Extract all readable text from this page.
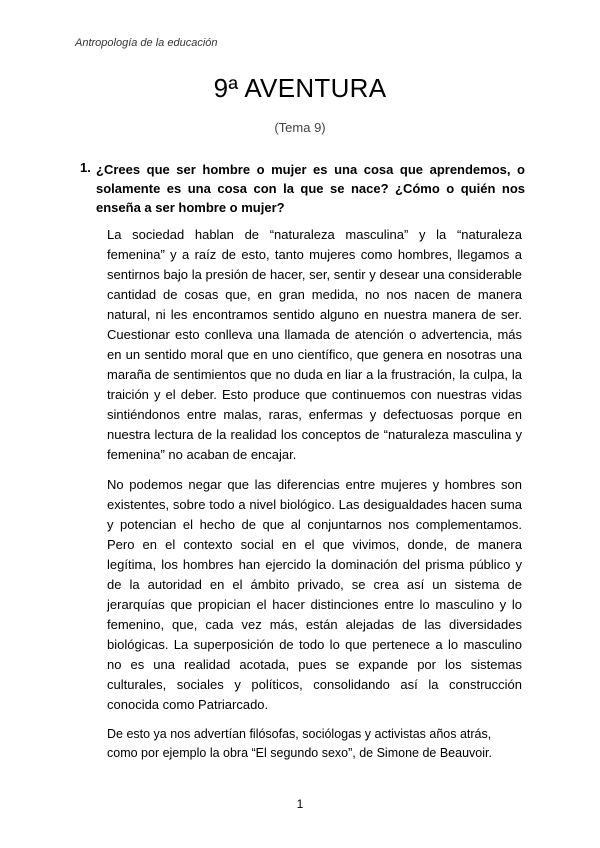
Antropología de la educación
9ª AVENTURA
(Tema 9)
1. ¿Crees que ser hombre o mujer es una cosa que aprendemos, o solamente es una cosa con la que se nace? ¿Cómo o quién nos enseña a ser hombre o mujer?

La sociedad hablan de “naturaleza masculina” y la “naturaleza femenina” y a raíz de esto, tanto mujeres como hombres, llegamos a sentirnos bajo la presión de hacer, ser, sentir y desear una considerable cantidad de cosas que, en gran medida, no nos nacen de manera natural, ni les encontramos sentido alguno en nuestra manera de ser. Cuestionar esto conlleva una llamada de atención o advertencia, más en un sentido moral que en uno científico, que genera en nosotras una maraña de sentimientos que no duda en liar a la frustración, la culpa, la traición y el deber. Esto produce que continuemos con nuestras vidas sintiéndonos entre malas, raras, enfermas y defectuosas porque en nuestra lectura de la realidad los conceptos de “naturaleza masculina y femenina” no acaban de encajar.

No podemos negar que las diferencias entre mujeres y hombres son existentes, sobre todo a nivel biológico. Las desigualdades hacen suma y potencian el hecho de que al conjuntarnos nos complementamos. Pero en el contexto social en el que vivimos, donde, de manera legítima, los hombres han ejercido la dominación del prisma público y de la autoridad en el ámbito privado, se crea así un sistema de jerarquías que propician el hacer distinciones entre lo masculino y lo femenino, que, cada vez más, están alejadas de las diversidades biológicas. La superposición de todo lo que pertenece a lo masculino no es una realidad acotada, pues se expande por los sistemas culturales, sociales y políticos, consolidando así la construcción conocida como Patriarcado.

De esto ya nos advertían filósofas, sociólogas y activistas años atrás, como por ejemplo la obra “El segundo sexo”, de Simone de Beauvoir.

1
